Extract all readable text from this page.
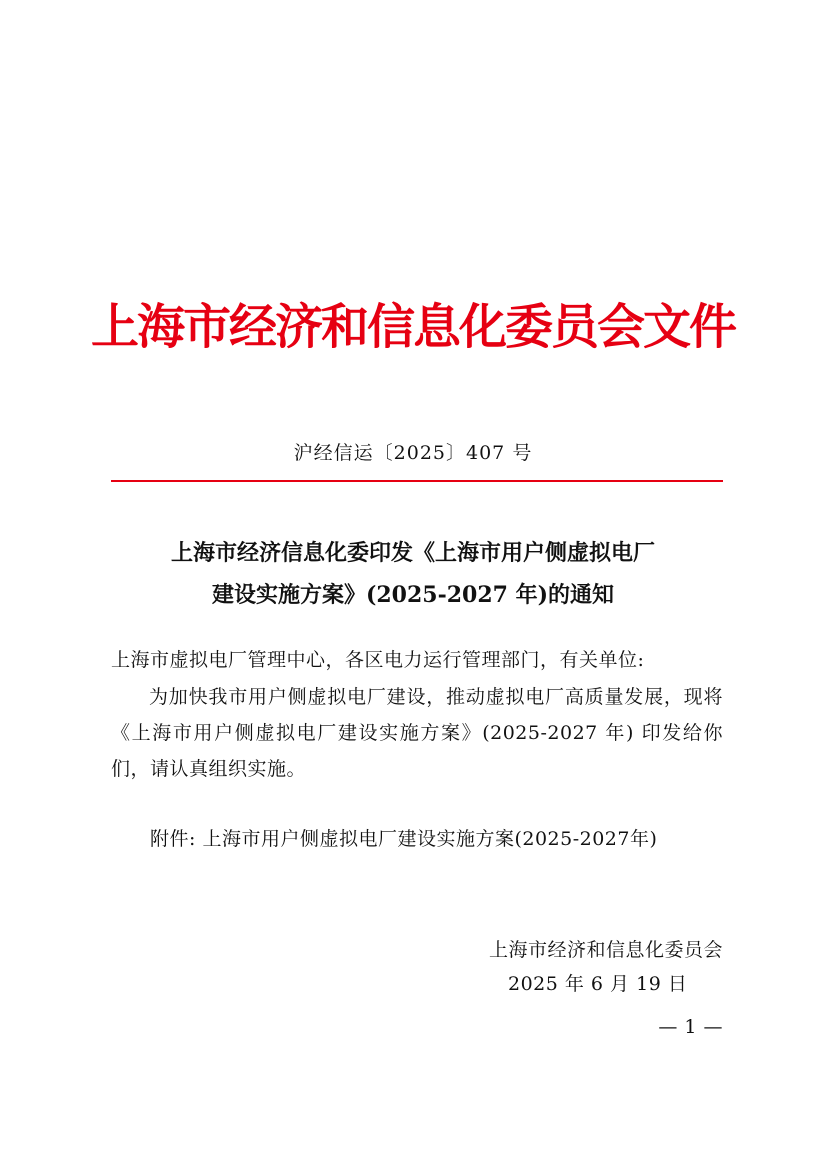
上海市经济和信息化委员会文件
沪经信运〔2025〕407 号
上海市经济信息化委印发《上海市用户侧虚拟电厂
建设实施方案》(2025-2027 年)的通知
上海市虚拟电厂管理中心，各区电力运行管理部门，有关单位:
为加快我市用户侧虚拟电厂建设，推动虚拟电厂高质量发展，现将《上海市用户侧虚拟电厂建设实施方案》(2025-2027 年) 印发给你们，请认真组织实施。
附件: 上海市用户侧虚拟电厂建设实施方案(2025-2027年)
上海市经济和信息化委员会
2025 年 6 月 19 日
— 1 —
